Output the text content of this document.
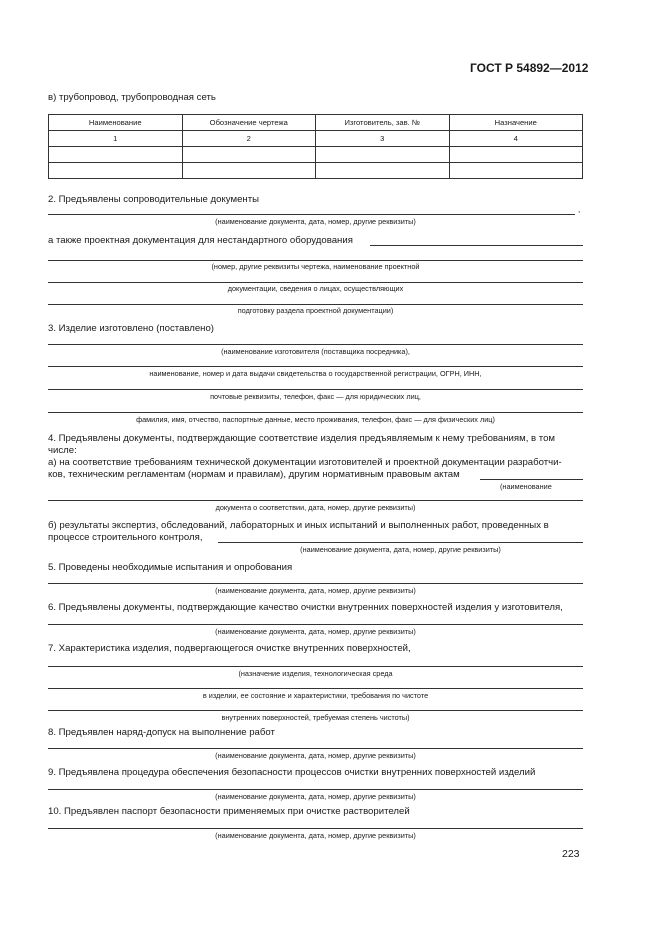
ГОСТ Р 54892—2012
в) трубопровод, трубопроводная сеть
Наименование	Обозначение чертежа	Изготовитель, зав. №	Назначение
1	2	3	4

2. Предъявлены сопроводительные документы
,
(наименование документа, дата, номер, другие реквизиты)
а также проектная документация для нестандартного оборудования
(номер, другие реквизиты чертежа, наименование проектной
документации, сведения о лицах, осуществляющих
подготовку раздела проектной документации)
3. Изделие изготовлено (поставлено)
(наименование изготовителя (поставщика посредника),
наименование, номер и дата выдачи свидетельства о государственной регистрации, ОГРН, ИНН,
почтовые реквизиты, телефон, факс — для юридических лиц,
фамилия, имя, отчество, паспортные данные, место проживания, телефон, факс — для физических лиц)
4. Предъявлены документы, подтверждающие соответствие изделия предъявляемым к нему требованиям, в том
числе:
а) на соответствие требованиям технической документации изготовителей и проектной документации разработчи-
ков, техническим регламентам (нормам и правилам), другим нормативным правовым актам
(наименование
документа о соответствии, дата, номер, другие реквизиты)
б) результаты экспертиз, обследований, лабораторных и иных испытаний и выполненных работ, проведенных в
процессе строительного контроля,
(наименование документа, дата, номер, другие реквизиты)
5. Проведены необходимые испытания и опробования
(наименование документа, дата, номер, другие реквизиты)
6. Предъявлены документы, подтверждающие качество очистки внутренних поверхностей изделия у изготовителя,
(наименование документа, дата, номер, другие реквизиты)
7. Характеристика изделия, подвергающегося очистке внутренних поверхностей,
(назначение изделия, технологическая среда
в изделии, ее состояние и характеристики, требования по чистоте
внутренних поверхностей, требуемая степень чистоты)
8. Предъявлен наряд-допуск на выполнение работ
(наименование документа, дата, номер, другие реквизиты)
9. Предъявлена процедура обеспечения безопасности процессов очистки внутренних поверхностей изделий
(наименование документа, дата, номер, другие реквизиты)
10. Предъявлен паспорт безопасности применяемых при очистке растворителей
(наименование документа, дата, номер, другие реквизиты)
223
